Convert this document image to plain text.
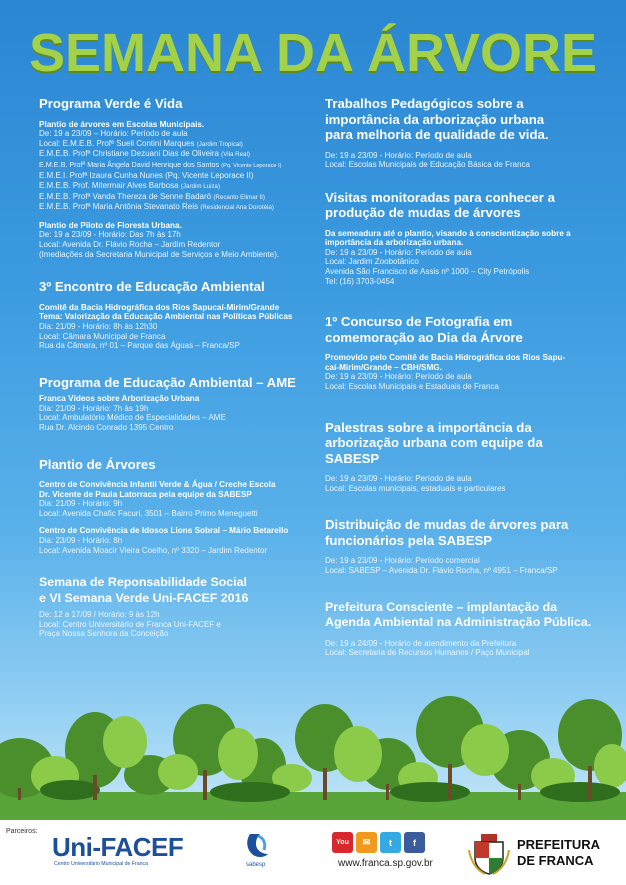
SEMANA DA ÁRVORE
Programa Verde é Vida
Plantio de árvores em Escolas Municipais.
De: 19 a 23/09 – Horário: Período de aula
Local: E.M.E.B. Profª Sueli Contini Marques (Jardim Tropical)
E.M.E.B. Profª Christiane Dezuani Dias de Oliveira (Vila Real)
E.M.E.B. Profª Maria Ângela David Henrique dos Santos (Pq. Vicente Leporace I)
E.M.E.I. Profª Izaura Cunha Nunes (Pq. Vicente Leporace II)
E.M.E.B. Prof. Mitermair Alves Barbosa (Jardim Luiza)
E.M.E.B. Profª Vanda Thereza de Senne Badaró (Recanto Elimar II)
E.M.E.B. Profª Maria Antônia Stevanato Reis (Residencial Ana Dorotéia)
Plantio de Piloto de Floresta Urbana.
De: 19 a 23/09 - Horário: Das 7h às 17h
Local: Avenida Dr. Flávio Rocha – Jardim Redentor
(Imediações da Secretaria Municipal de Serviços e Meio Ambiente).
3º Encontro de Educação Ambiental
Comitê da Bacia Hidrográfica dos Rios Sapucaí-Mirim/Grande
Tema: Valorização da Educação Ambiental nas Políticas Públicas
Dia: 21/09 - Horário: 8h às 12h30
Local: Câmara Municipal de Franca
Rua da Câmara, nº 01 – Parque das Águas – Franca/SP
Programa de Educação Ambiental – AME
Franca Vídeos sobre Arborização Urbana
Dia: 21/09 - Horário: 7h às 19h
Local: Ambulatório Médico de Especialidades – AME
Rua Dr. Alcindo Conrado 1395 Centro
Plantio de Árvores
Centro de Convivência Infantil Verde & Água / Creche Escola
Dr. Vicente de Paula Latorraca pela equipe da SABESP
Dia: 21/09 - Horário: 9h
Local: Avenida Chafic Facuri, 3501 – Bairro Primo Meneguetti
Centro de Convivência de Idosos Lions Sobral – Mário Betarello
Dia: 23/09 - Horário: 8h
Local: Avenida Moacir Vieira Coelho, nº 3320 – Jardim Redentor
Semana de Reponsabilidade Social
e VI Semana Verde Uni-FACEF 2016
De: 12 a 17/09 / Horário: 9 às 12h
Local: Centro Universitário de Franca Uni-FACEF e
Praça Nossa Senhora da Conceição
Trabalhos Pedagógicos sobre a
importância da arborização urbana
para melhoria de qualidade de vida.
De: 19 a 23/09 - Horário: Período de aula
Local: Escolas Municipais de Educação Básica de Franca
Visitas monitoradas para conhecer a
produção de mudas de árvores
Da semeadura até o plantio, visando à conscientização sobre a
importância da arborização urbana.
De: 19 a 23/09 - Horário: Período de aula
Local: Jardim Zoobotânico
Avenida São Francisco de Assis nº 1000 – City Petrópolis
Tel: (16) 3703-0454
1º Concurso de Fotografia em
comemoração ao Dia da Árvore
Promovido pelo Comitê de Bacia Hidrográfica dos Rios Sapu-
caí-Mirim/Grande – CBH/SMG.
De: 19 a 23/09 - Horário: Período de aula
Local: Escolas Municipais e Estaduais de Franca
Palestras sobre a importância da
arborização urbana com equipe da SABESP
De: 19 a 23/09 - Horário: Período de aula
Local: Escolas municipais, estaduais e particulares
Distribuição de mudas de árvores para
funcionários pela SABESP
De: 19 a 23/09 - Horário: Período comercial
Local: SABESP – Avenida Dr. Flávio Rocha, nº 4951 – Franca/SP
Prefeitura Consciente – implantação da
Agenda Ambiental na Administração Pública.
De: 19 a 24/09 - Horário de atendimento da Prefeitura
Local: Secretaria de Recursos Humanos / Paço Municipal
Parceiros:
Uni-FACEF
Centro Universitário Municipal de Franca	sabesp
You	✉	t	f
www.franca.sp.gov.br
PREFEITURA
DE FRANCA
